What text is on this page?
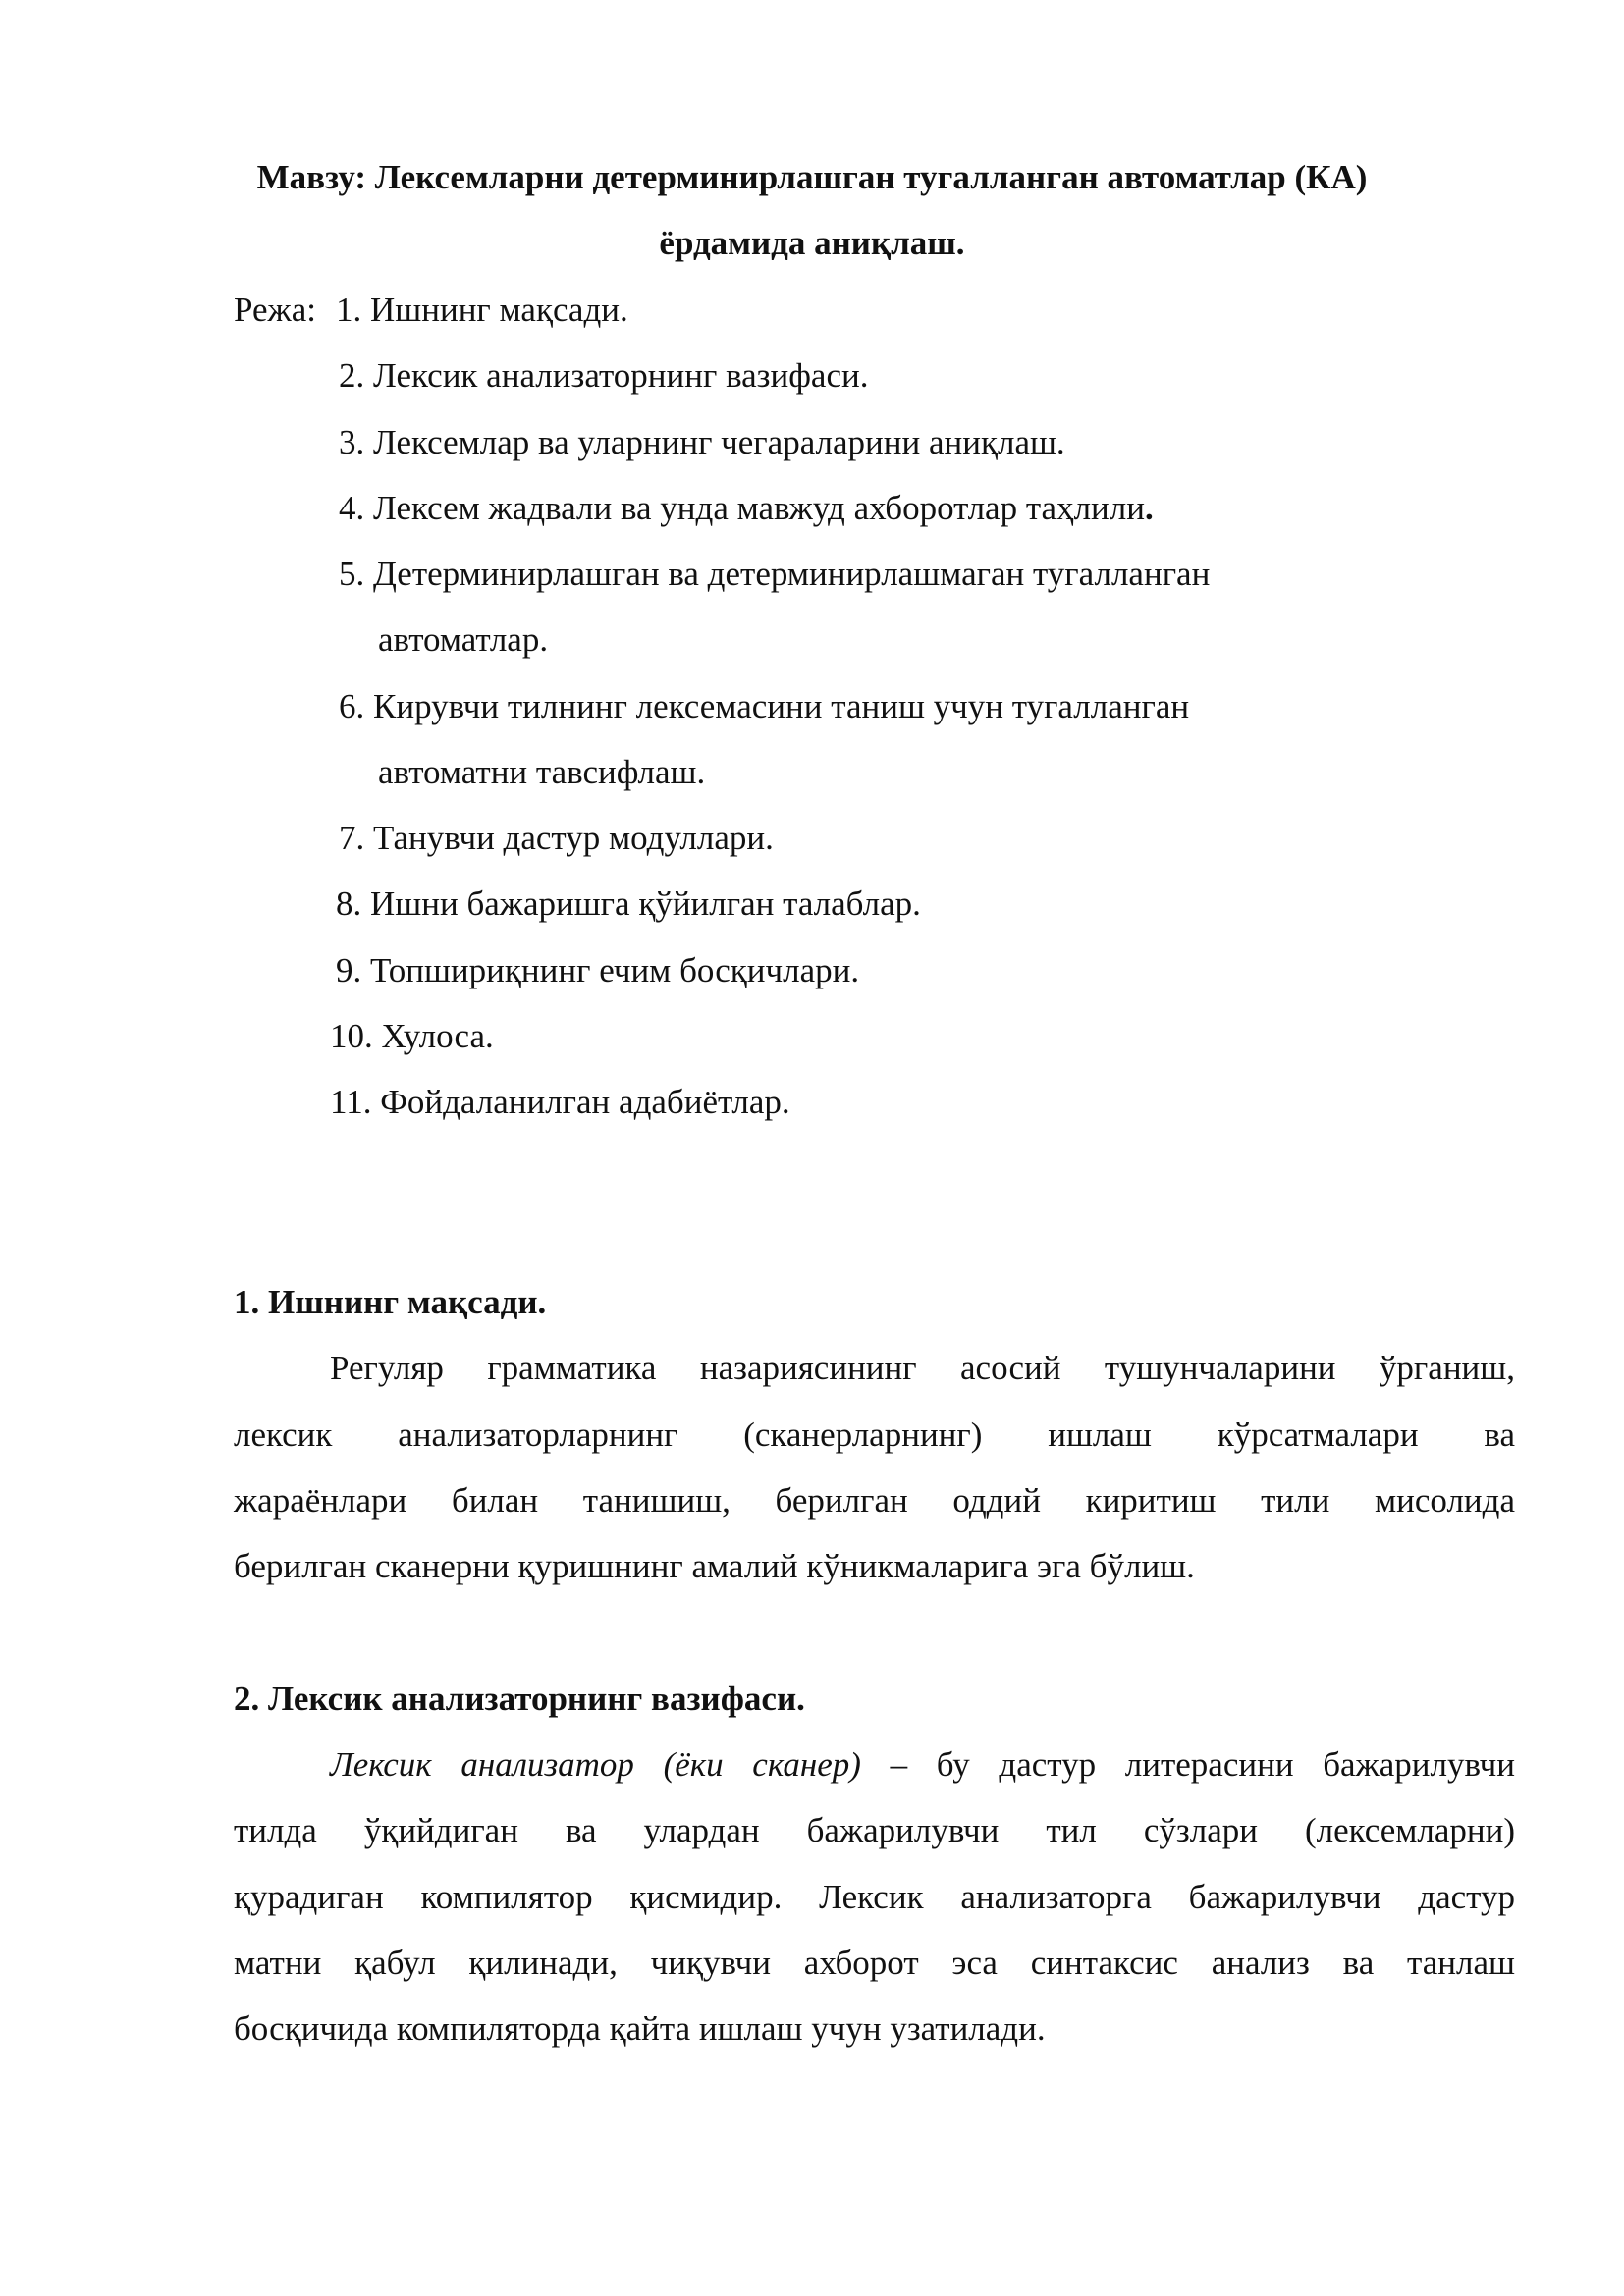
Мавзу: Лексемларни детерминирлашган тугалланган автоматлар (КА)
ёрдамида аниқлаш.
Режа: 1. Ишнинг мақсади.
2. Лексик анализаторнинг вазифаси.
3. Лексемлар ва уларнинг чегараларини аниқлаш.
4. Лексем жадвали ва унда мавжуд ахборотлар таҳлили.
5. Детерминирлашган ва детерминирлашмаган тугалланган
автоматлар.
6. Кирувчи тилнинг лексемасини таниш учун тугалланган
автоматни тавсифлаш.
7. Танувчи дастур модуллари.
8. Ишни бажаришга қўйилган талаблар.
9. Топшириқнинг ечим босқичлари.
10. Хулоса.
11. Фойдаланилган адабиётлар.
1. Ишнинг мақсади.
Регуляр грамматика назариясининг асосий тушунчаларини ўрганиш,
лексик анализаторларнинг (сканерларнинг) ишлаш кўрсатмалари ва
жараёнлари билан танишиш, берилган оддий киритиш тили мисолида
берилган сканерни қуришнинг амалий кўникмаларига эга бўлиш.
2. Лексик анализаторнинг вазифаси.
Лексик анализатор (ёки сканер) – бу дастур литерасини бажарилувчи
тилда ўқийдиган ва улардан бажарилувчи тил сўзлари (лексемларни)
қурадиган компилятор қисмидир. Лексик анализаторга бажарилувчи дастур
матни қабул қилинади, чиқувчи ахборот эса синтаксис анализ ва танлаш
босқичида компиляторда қайта ишлаш учун узатилади.
